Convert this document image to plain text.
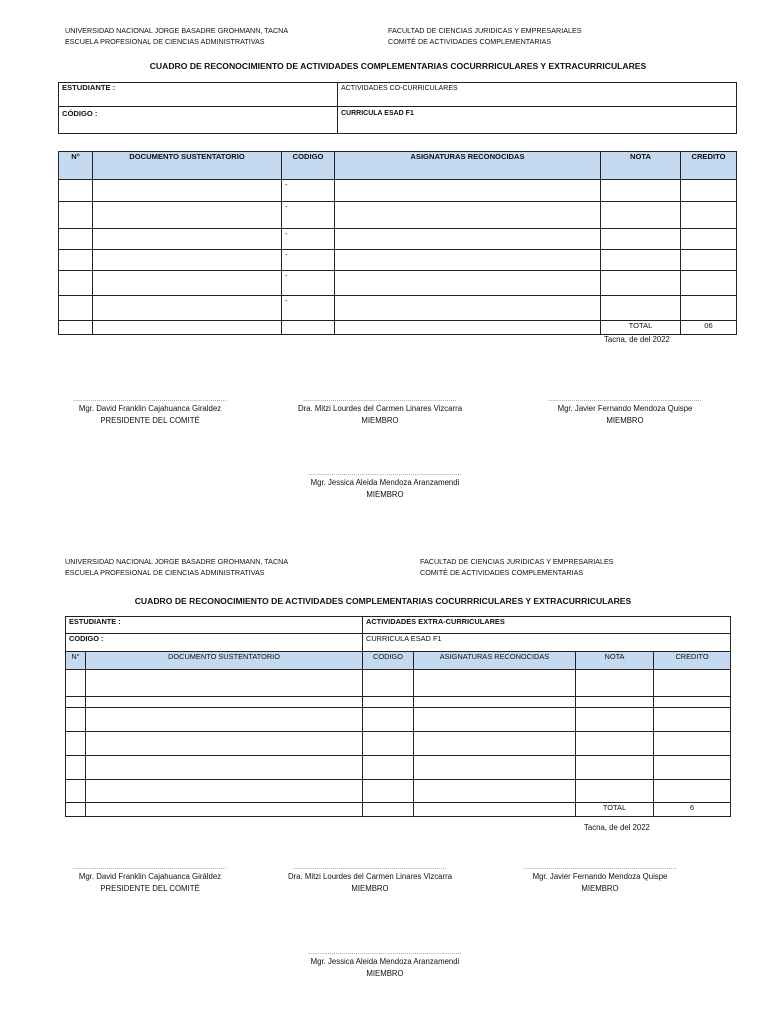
UNIVERSIDAD NACIONAL JORGE BASADRE GROHMANN, TACNA
ESCUELA PROFESIONAL DE CIENCIAS ADMINISTRATIVAS
FACULTAD DE CIENCIAS JURIDICAS Y EMPRESARIALES
COMITÉ DE ACTIVIDADES COMPLEMENTARIAS
CUADRO DE RECONOCIMIENTO DE ACTIVIDADES COMPLEMENTARIAS COCURRRICULARES Y EXTRACURRICULARES
ESTUDIANTE :	ACTIVIDADES CO-CURRICULARES
CÓDIGO :	CURRICULA ESAD F1
N°	DOCUMENTO SUSTENTATORIO	CODIGO	ASIGNATURAS RECONOCIDAS	NOTA	CREDITO
		-			
		-			
		-			
		-			
		-			
		-			
				TOTAL	06
Tacna, de del 2022
..............................................................................
Mgr. David Franklin Cajahuanca Giraldez
PRESIDENTE DEL COMITÉ
..............................................................................
Dra. Mitzi Lourdes del Carmen Linares Vizcarra
MIEMBRO
..............................................................................
Mgr. Javier Fernando Mendoza Quispe
MIEMBRO
..............................................................................
Mgr. Jessica Aleida Mendoza Aranzamendi
MIEMBRO
UNIVERSIDAD NACIONAL JORGE BASADRE GROHMANN, TACNA
ESCUELA PROFESIONAL DE CIENCIAS ADMINISTRATIVAS
FACULTAD DE CIENCIAS JURIDICAS Y EMPRESARIALES
COMITÉ DE ACTIVIDADES COMPLEMENTARIAS
CUADRO DE RECONOCIMIENTO DE ACTIVIDADES COMPLEMENTARIAS COCURRRICULARES Y EXTRACURRICULARES
ESTUDIANTE :		ACTIVIDADES EXTRA-CURRICULARES			
CODIGO :		CURRICULA ESAD F1			
N°	DOCUMENTO SUSTENTATORIO	CODIGO	ASIGNATURAS RECONOCIDAS	NOTA	CREDITO

				TOTAL	6
Tacna, de del 2022
..............................................................................
Mgr. David Franklin Cajahuanca Giráldez
PRESIDENTE DEL COMITÉ
..............................................................................
Dra. Mitzi Lourdes del Carmen Linares Vizcarra
MIEMBRO
..............................................................................
Mgr. Javier Fernando Mendoza Quispe
MIEMBRO
..............................................................................
Mgr. Jessica Aleida Mendoza Aranzamendi
MIEMBRO
